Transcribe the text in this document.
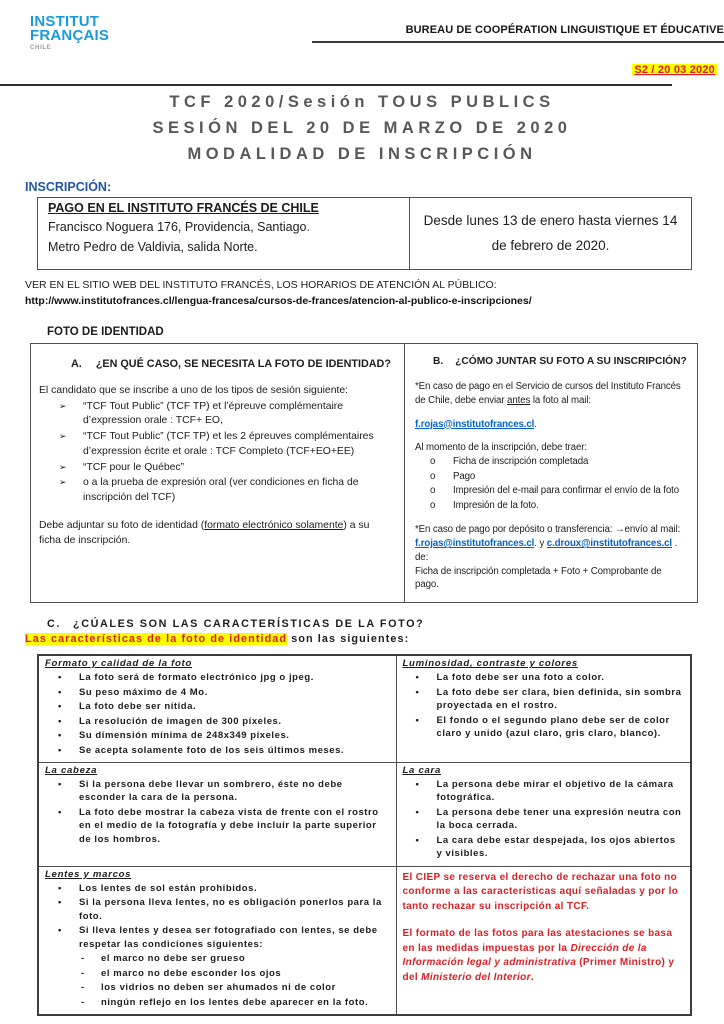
INSTITUT
FRANÇAIS
CHILE
BUREAU DE COOPÉRATION LINGUISTIQUE ET ÉDUCATIVE
S2 / 20 03 2020
TCF 2020/Sesión TOUS PUBLICS
SESIÓN DEL 20 DE MARZO DE 2020
MODALIDAD DE INSCRIPCIÓN
INSCRIPCIÓN:
PAGO EN EL INSTITUTO FRANCÉS DE CHILE
Francisco Noguera 176, Providencia, Santiago.
Metro Pedro de Valdivia, salida Norte.
	Desde lunes 13 de enero hasta viernes 14 de febrero de 2020.
VER EN EL SITIO WEB DEL INSTITUTO FRANCÉS, LOS HORARIOS DE ATENCIÓN AL PÚBLICO:
http://www.institutofrances.cl/lengua-francesa/cursos-de-frances/atencion-al-publico-e-inscripciones/
FOTO DE IDENTIDAD
A. ¿EN QUÉ CASO, SE NECESITA LA FOTO DE IDENTIDAD?
El candidato que se inscribe a uno de los tipos de sesión siguiente:
➢ “TCF Tout Public” (TCF TP) et l’épreuve complémentaire d’expression orale : TCF+ EO,
➢ “TCF Tout Public” (TCF TP) et les 2 épreuves complémentaires d’expression écrite et orale : TCF Completo (TCF+EO+EE)
➢ “TCF pour le Québec”
➢ o a la prueba de expresión oral (ver condiciones en ficha de inscripción del TCF)
Debe adjuntar su foto de identidad (formato electrónico solamente) a su ficha de inscripción.

B. ¿CÓMO JUNTAR SU FOTO A SU INSCRIPCIÓN?
*En caso de pago en el Servicio de cursos del Instituto Francés de Chile, debe enviar antes la foto al mail:
f.rojas@institutofrances.cl.
Al momento de la inscripción, debe traer:
o Ficha de inscripción completada
o Pago
o Impresión del e-mail para confirmar el envío de la foto
o Impresión de la foto.
*En caso de pago por depósito o transferencia: →envío al mail:
f.rojas@institutofrances.cl. y c.droux@institutofrances.cl . de:
Ficha de inscripción completada + Foto + Comprobante de pago.
C. ¿CÚALES SON LAS CARACTERÍSTICAS DE LA FOTO?
Las características de la foto de identidad son las siguientes:
Formato y calidad de la foto
• La foto será de formato electrónico jpg o jpeg.
• Su peso máximo de 4 Mo.
• La foto debe ser nítida.
• La resolución de imagen de 300 píxeles.
• Su dimensión mínima de 248x349 píxeles.
• Se acepta solamente foto de los seis últimos meses.

Luminosidad, contraste y colores
• La foto debe ser una foto a color.
• La foto debe ser clara, bien definida, sin sombra proyectada en el rostro.
• El fondo o el segundo plano debe ser de color claro y unido (azul claro, gris claro, blanco).

La cabeza
• Si la persona debe llevar un sombrero, éste no debe esconder la cara de la persona.
• La foto debe mostrar la cabeza vista de frente con el rostro en el medio de la fotografía y debe incluir la parte superior de los hombros.

La cara
• La persona debe mirar el objetivo de la cámara fotográfica.
• La persona debe tener una expresión neutra con la boca cerrada.
• La cara debe estar despejada, los ojos abiertos y visibles.

Lentes y marcos
• Los lentes de sol están prohibidos.
• Si la persona lleva lentes, no es obligación ponerlos para la foto.
• Si lleva lentes y desea ser fotografiado con lentes, se debe respetar las condiciones siguientes:
- el marco no debe ser grueso
- el marco no debe esconder los ojos
- los vidrios no deben ser ahumados ni de color
- ningún reflejo en los lentes debe aparecer en la foto.

El CIEP se reserva el derecho de rechazar una foto no conforme a las características aquí señaladas y por lo tanto rechazar su inscripción al TCF.

El formato de las fotos para las atestaciones se basa en las medidas impuestas por la Dirección de la Información legal y administrativa (Primer Ministro) y del Ministerio del Interior.
